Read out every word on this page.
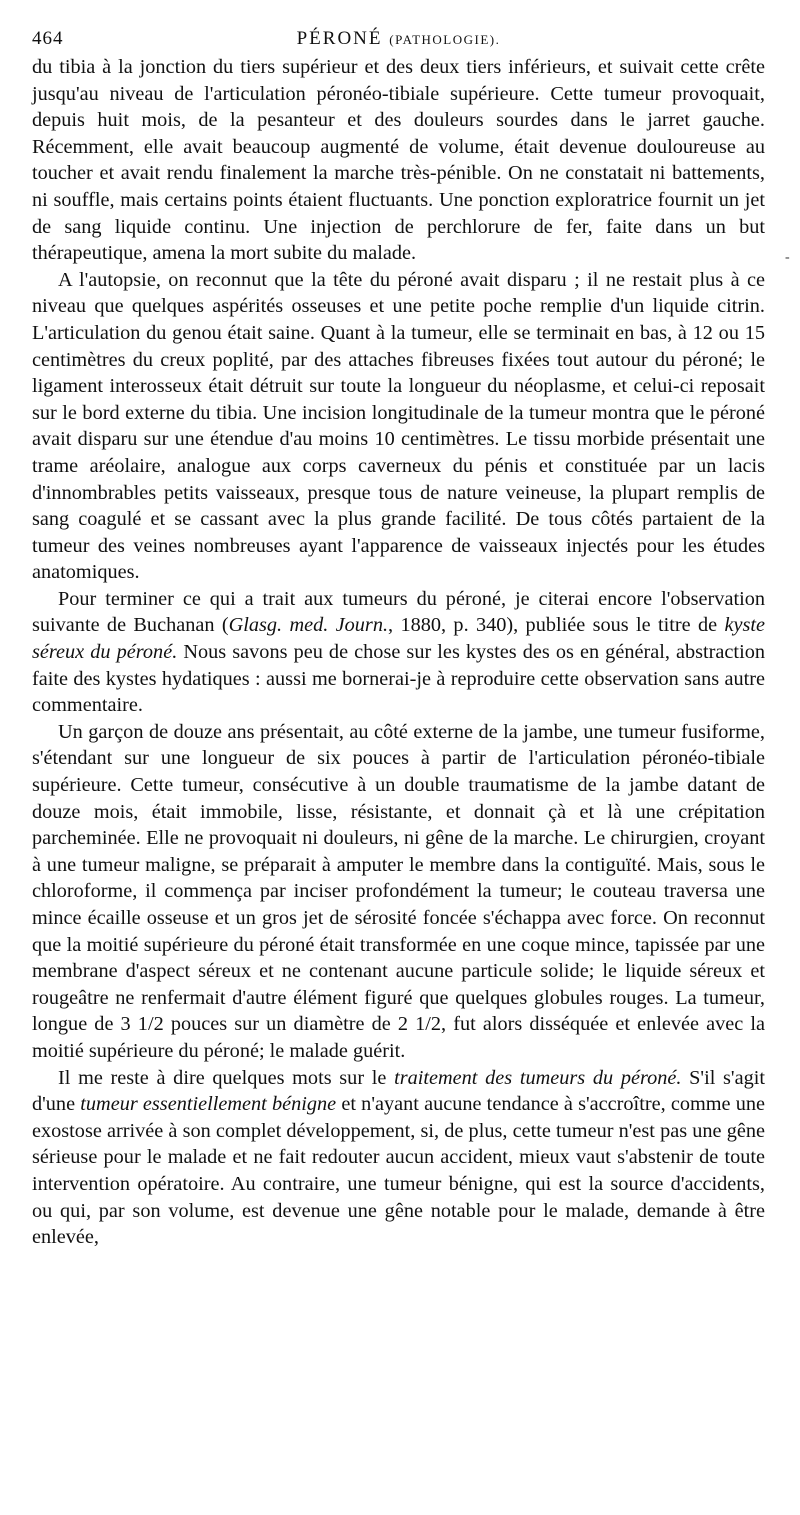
464	PÉRONÉ (PATHOLOGIE).

du tibia à la jonction du tiers supérieur et des deux tiers inférieurs, et suivait cette crête jusqu'au niveau de l'articulation péronéo-tibiale supérieure. Cette tumeur provoquait, depuis huit mois, de la pesanteur et des douleurs sourdes dans le jarret gauche. Récemment, elle avait beaucoup augmenté de volume, était devenue douloureuse au toucher et avait rendu finalement la marche très-pénible. On ne constatait ni battements, ni souffle, mais certains points étaient fluctuants. Une ponction exploratrice fournit un jet de sang liquide continu. Une injection de perchlorure de fer, faite dans un but thérapeutique, amena la mort subite du malade.

A l'autopsie, on reconnut que la tête du péroné avait disparu ; il ne restait plus à ce niveau que quelques aspérités osseuses et une petite poche remplie d'un liquide citrin. L'articulation du genou était saine. Quant à la tumeur, elle se terminait en bas, à 12 ou 15 centimètres du creux poplité, par des attaches fibreuses fixées tout autour du péroné; le ligament interosseux était détruit sur toute la longueur du néoplasme, et celui-ci reposait sur le bord externe du tibia. Une incision longitudinale de la tumeur montra que le péroné avait disparu sur une étendue d'au moins 10 centimètres. Le tissu morbide présentait une trame aréolaire, analogue aux corps caverneux du pénis et constituée par un lacis d'innombrables petits vaisseaux, presque tous de nature veineuse, la plupart remplis de sang coagulé et se cassant avec la plus grande facilité. De tous côtés partaient de la tumeur des veines nombreuses ayant l'apparence de vaisseaux injectés pour les études anatomiques.

Pour terminer ce qui a trait aux tumeurs du péroné, je citerai encore l'observation suivante de Buchanan (Glasg. med. Journ., 1880, p. 340), publiée sous le titre de kyste séreux du péroné. Nous savons peu de chose sur les kystes des os en général, abstraction faite des kystes hydatiques : aussi me bornerai-je à reproduire cette observation sans autre commentaire.

Un garçon de douze ans présentait, au côté externe de la jambe, une tumeur fusiforme, s'étendant sur une longueur de six pouces à partir de l'articulation péronéo-tibiale supérieure. Cette tumeur, consécutive à un double traumatisme de la jambe datant de douze mois, était immobile, lisse, résistante, et donnait çà et là une crépitation parcheminée. Elle ne provoquait ni douleurs, ni gêne de la marche. Le chirurgien, croyant à une tumeur maligne, se préparait à amputer le membre dans la contiguïté. Mais, sous le chloroforme, il commença par inciser profondément la tumeur; le couteau traversa une mince écaille osseuse et un gros jet de sérosité foncée s'échappa avec force. On reconnut que la moitié supérieure du péroné était transformée en une coque mince, tapissée par une membrane d'aspect séreux et ne contenant aucune particule solide; le liquide séreux et rougeâtre ne renfermait d'autre élément figuré que quelques globules rouges. La tumeur, longue de 3 1/2 pouces sur un diamètre de 2 1/2, fut alors disséquée et enlevée avec la moitié supérieure du péroné; le malade guérit.

Il me reste à dire quelques mots sur le traitement des tumeurs du péroné. S'il s'agit d'une tumeur essentiellement bénigne et n'ayant aucune tendance à s'accroître, comme une exostose arrivée à son complet développement, si, de plus, cette tumeur n'est pas une gêne sérieuse pour le malade et ne fait redouter aucun accident, mieux vaut s'abstenir de toute intervention opératoire. Au contraire, une tumeur bénigne, qui est la source d'accidents, ou qui, par son volume, est devenue une gêne notable pour le malade, demande à être enlevée,

-
